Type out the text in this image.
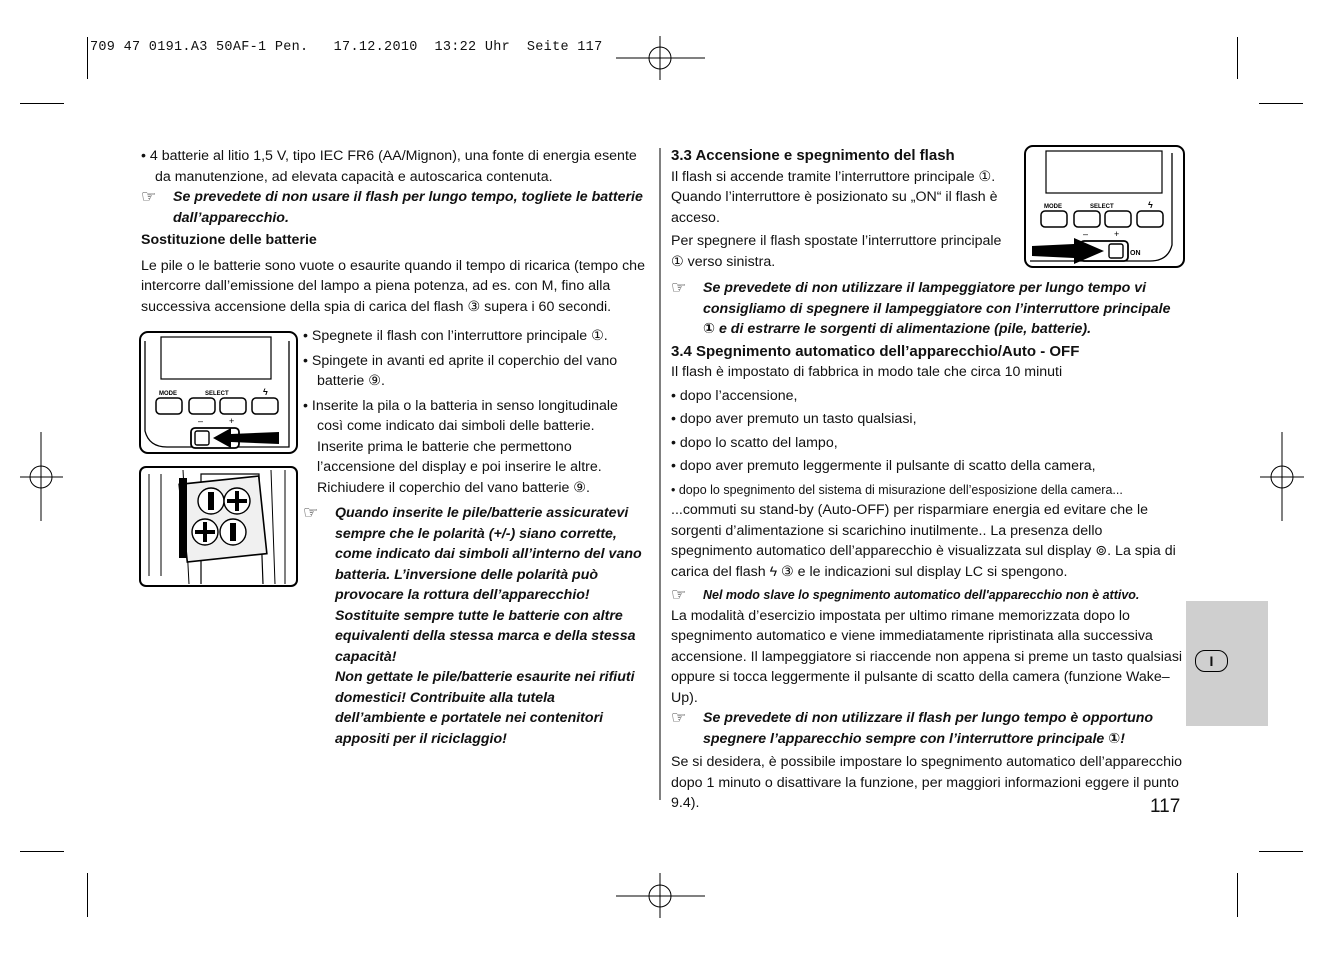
709 47 0191.A3 50AF-1 Pen.   17.12.2010  13:22 Uhr  Seite 117

• 4 batterie al litio 1,5 V, tipo IEC FR6 (AA/Mignon), una fonte di energia esente da manutenzione, ad elevata capacità e autoscarica contenuta.

☞	Se prevedete di non usare il flash per lungo tempo, togliete le batterie dall’apparecchio.

Sostituzione delle batterie

Le pile o le batterie sono vuote o esaurite quando il tempo di ricarica (tempo che intercorre dall’emissione del lampo a piena potenza, ad es. con M, fino alla successiva accensione della spia di carica del flash ③ supera i 60 secondi.

MODE	SELECT	ϟ
–	+

• Spegnete il flash con l’interruttore principale ①.

• Spingete in avanti ed aprite il coperchio del vano batterie ⑨.

• Inserite la pila o la batteria in senso longitudinale così come indicato dai simboli delle batterie. Inserite prima le batterie che permettono l’accensione del display e poi inserire le altre. Richiudere il coperchio del vano batterie ⑨.

☞	Quando inserite le pile/batterie assicuratevi sempre che le polarità (+/-) siano corrette, come indicato dai simboli all’interno del vano batteria. L’inversione delle polarità può provocare la rottura dell’apparecchio!
Sostituite sempre tutte le batterie con altre equivalenti della stessa marca e della stessa capacità!
Non gettate le pile/batterie esaurite nei rifiuti domestici! Contribuite alla tutela dell’ambiente e portatele nei contenitori appositi per il riciclaggio!

3.3 Accensione e spegnimento del flash

Il flash si accende tramite l’interruttore principale ①. Quando l’interruttore è posizionato su „ON“ il flash è acceso.

Per spegnere il flash spostate l’interruttore principale ① verso sinistra.

MODE	SELECT	ϟ
–	+
ON
☞	Se prevedete di non utilizzare il lampeggiatore per lungo tempo vi consigliamo di spegnere il lampeggiatore con l’interruttore principale ① e di estrarre le sorgenti di alimentazione (pile, batterie).

3.4 Spegnimento automatico dell’apparecchio/Auto - OFF

Il flash è impostato di fabbrica in modo tale che circa 10 minuti

• dopo l’accensione,

• dopo aver premuto un tasto qualsiasi,

• dopo lo scatto del lampo,

• dopo aver premuto leggermente il pulsante di scatto della camera,

• dopo lo spegnimento del sistema di misurazione dell’esposizione della camera...

...commuti su stand-by (Auto-OFF) per risparmiare energia ed evitare che le sorgenti d’alimentazione si scarichino inutilmente.. La presenza dello spegnimento automatico dell’apparecchio è visualizzata sul display ⊚. La spia di carica del flash ϟ ③ e le indicazioni sul display LC si spengono.

☞	Nel modo slave lo spegnimento automatico dell'apparecchio non è attivo.

La modalità d’esercizio impostata per ultimo rimane memorizzata dopo lo spegnimento automatico e viene immediatamente ripristinata alla successiva accensione. Il lampeggiatore si riaccende non appena si preme un tasto qualsiasi oppure si tocca leggermente il pulsante di scatto della camera (funzione Wake–Up).

☞	Se prevedete di non utilizzare il flash per lungo tempo è opportuno spegnere l’apparecchio sempre con l’interruttore principale ①!

Se si desidera, è possibile impostare lo spegnimento automatico dell’apparecchio dopo 1 minuto o disattivare la funzione, per maggiori informazioni eggere il punto 9.4).

I
117
